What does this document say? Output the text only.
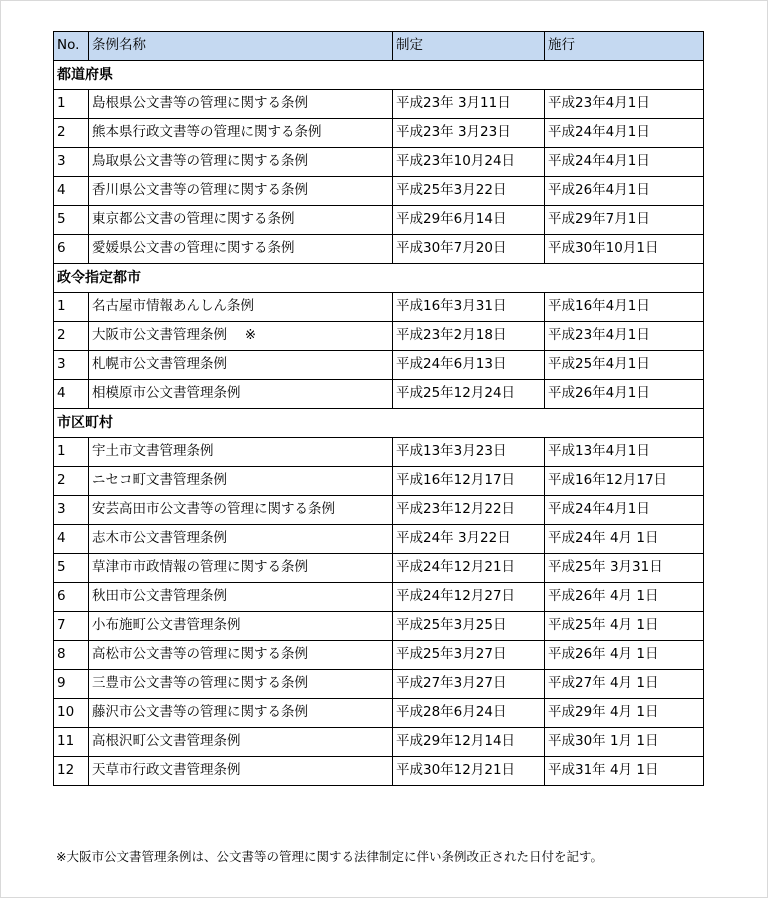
No.	条例名称	制定	施行
都道府県			
1	島根県公文書等の管理に関する条例	平成23年 3月11日	平成23年4月1日
2	熊本県行政文書等の管理に関する条例	平成23年 3月23日	平成24年4月1日
3	鳥取県公文書等の管理に関する条例	平成23年10月24日	平成24年4月1日
4	香川県公文書等の管理に関する条例	平成25年3月22日	平成26年4月1日
5	東京都公文書の管理に関する条例	平成29年6月14日	平成29年7月1日
6	愛媛県公文書の管理に関する条例	平成30年7月20日	平成30年10月1日
政令指定都市			
1	名古屋市情報あんしん条例	平成16年3月31日	平成16年4月1日
2	大阪市公文書管理条例　 ※	平成23年2月18日	平成23年4月1日
3	札幌市公文書管理条例	平成24年6月13日	平成25年4月1日
4	相模原市公文書管理条例	平成25年12月24日	平成26年4月1日
市区町村			
1	宇土市文書管理条例	平成13年3月23日	平成13年4月1日
2	ニセコ町文書管理条例	平成16年12月17日	平成16年12月17日
3	安芸高田市公文書等の管理に関する条例	平成23年12月22日	平成24年4月1日
4	志木市公文書管理条例	平成24年 3月22日	平成24年 4月 1日
5	草津市市政情報の管理に関する条例	平成24年12月21日	平成25年 3月31日
6	秋田市公文書管理条例	平成24年12月27日	平成26年 4月 1日
7	小布施町公文書管理条例	平成25年3月25日	平成25年 4月 1日
8	高松市公文書等の管理に関する条例	平成25年3月27日	平成26年 4月 1日
9	三豊市公文書等の管理に関する条例	平成27年3月27日	平成27年 4月 1日
10	藤沢市公文書等の管理に関する条例	平成28年6月24日	平成29年 4月 1日
11	高根沢町公文書管理条例	平成29年12月14日	平成30年 1月 1日
12	天草市行政文書管理条例	平成30年12月21日	平成31年 4月 1日
※大阪市公文書管理条例は、公文書等の管理に関する法律制定に伴い条例改正された日付を記す。
